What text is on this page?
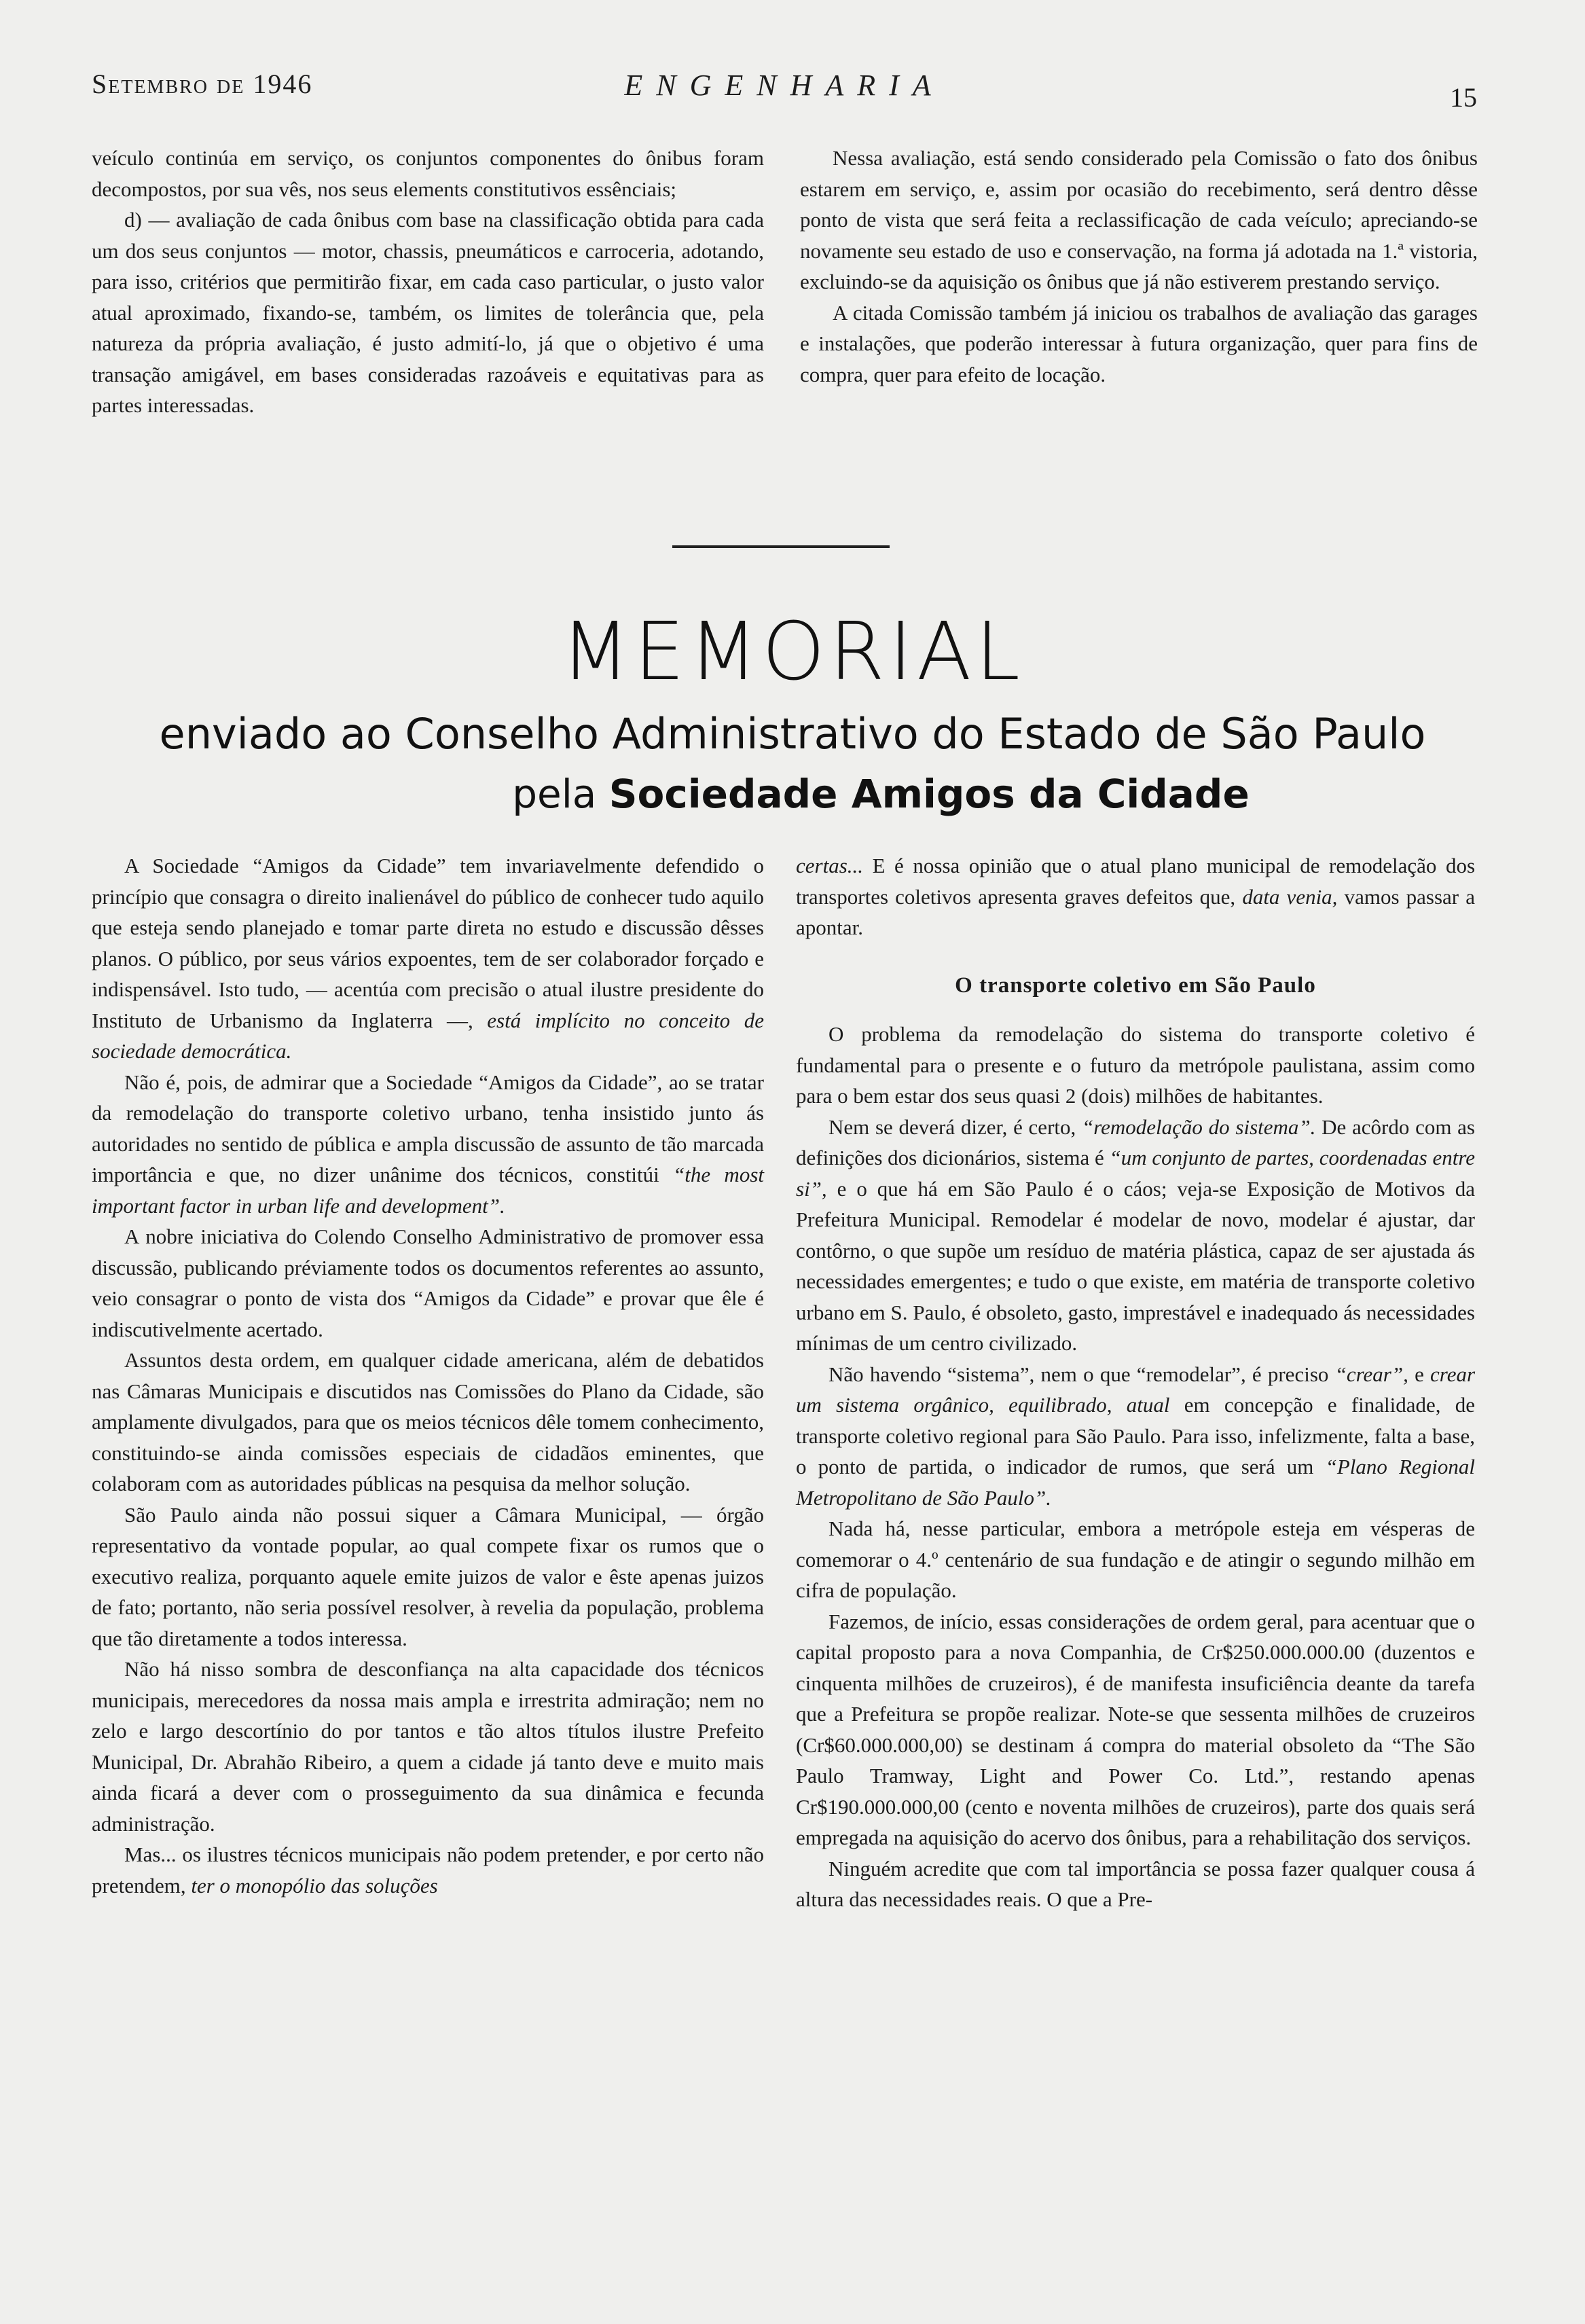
Setembro de 1946	ENGENHARIA	15

veículo continúa em serviço, os conjuntos componentes do ônibus foram decompostos, por sua vês, nos seus elements constitutivos essênciais;

d) — avaliação de cada ônibus com base na classificação obtida para cada um dos seus conjuntos — motor, chassis, pneumáticos e carroceria, adotando, para isso, critérios que permitirão fixar, em cada caso particular, o justo valor atual aproximado, fixando-se, também, os limites de tolerância que, pela natureza da própria avaliação, é justo admití-lo, já que o objetivo é uma transação amigável, em bases consideradas razoáveis e equitativas para as partes interessadas.

Nessa avaliação, está sendo considerado pela Comissão o fato dos ônibus estarem em serviço, e, assim por ocasião do recebimento, será dentro dêsse ponto de vista que será feita a reclassificação de cada veículo; apreciando-se novamente seu estado de uso e conservação, na forma já adotada na 1.ª vistoria, excluindo-se da aquisição os ônibus que já não estiverem prestando serviço.

A citada Comissão também já iniciou os trabalhos de avaliação das garages e instalações, que poderão interessar à futura organização, quer para fins de compra, quer para efeito de locação.

MEMORIAL
enviado ao Conselho Administrativo do Estado de São Paulo
pela Sociedade Amigos da Cidade

A Sociedade “Amigos da Cidade” tem invariavelmente defendido o princípio que consagra o direito inalienável do público de conhecer tudo aquilo que esteja sendo planejado e tomar parte direta no estudo e discussão dêsses planos. O público, por seus vários expoentes, tem de ser colaborador forçado e indispensável. Isto tudo, — acentúa com precisão o atual ilustre presidente do Instituto de Urbanismo da Inglaterra —, está implícito no conceito de sociedade democrática.

Não é, pois, de admirar que a Sociedade “Amigos da Cidade”, ao se tratar da remodelação do transporte coletivo urbano, tenha insistido junto ás autoridades no sentido de pública e ampla discussão de assunto de tão marcada importância e que, no dizer unânime dos técnicos, constitúi “the most important factor in urban life and development”.

A nobre iniciativa do Colendo Conselho Administrativo de promover essa discussão, publicando préviamente todos os documentos referentes ao assunto, veio consagrar o ponto de vista dos “Amigos da Cidade” e provar que êle é indiscutivelmente acertado.

Assuntos desta ordem, em qualquer cidade americana, além de debatidos nas Câmaras Municipais e discutidos nas Comissões do Plano da Cidade, são amplamente divulgados, para que os meios técnicos dêle tomem conhecimento, constituindo-se ainda comissões especiais de cidadãos eminentes, que colaboram com as autoridades públicas na pesquisa da melhor solução.

São Paulo ainda não possui siquer a Câmara Municipal, — órgão representativo da vontade popular, ao qual compete fixar os rumos que o executivo realiza, porquanto aquele emite juizos de valor e êste apenas juizos de fato; portanto, não seria possível resolver, à revelia da população, problema que tão diretamente a todos interessa.

Não há nisso sombra de desconfiança na alta capacidade dos técnicos municipais, merecedores da nossa mais ampla e irrestrita admiração; nem no zelo e largo descortínio do por tantos e tão altos títulos ilustre Prefeito Municipal, Dr. Abrahão Ribeiro, a quem a cidade já tanto deve e muito mais ainda ficará a dever com o prosseguimento da sua dinâmica e fecunda administração.

Mas... os ilustres técnicos municipais não podem pretender, e por certo não pretendem, ter o monopólio das soluções

certas... E é nossa opinião que o atual plano municipal de remodelação dos transportes coletivos apresenta graves defeitos que, data venia, vamos passar a apontar.

O transporte coletivo em São Paulo

O problema da remodelação do sistema do transporte coletivo é fundamental para o presente e o futuro da metrópole paulistana, assim como para o bem estar dos seus quasi 2 (dois) milhões de habitantes.

Nem se deverá dizer, é certo, “remodelação do sistema”. De acôrdo com as definições dos dicionários, sistema é “um conjunto de partes, coordenadas entre si”, e o que há em São Paulo é o cáos; veja-se Exposição de Motivos da Prefeitura Municipal. Remodelar é modelar de novo, modelar é ajustar, dar contôrno, o que supõe um resíduo de matéria plástica, capaz de ser ajustada ás necessidades emergentes; e tudo o que existe, em matéria de transporte coletivo urbano em S. Paulo, é obsoleto, gasto, imprestável e inadequado ás necessidades mínimas de um centro civilizado.

Não havendo “sistema”, nem o que “remodelar”, é preciso “crear”, e crear um sistema orgânico, equilibrado, atual em concepção e finalidade, de transporte coletivo regional para São Paulo. Para isso, infelizmente, falta a base, o ponto de partida, o indicador de rumos, que será um “Plano Regional Metropolitano de São Paulo”.

Nada há, nesse particular, embora a metrópole esteja em vésperas de comemorar o 4.º centenário de sua fundação e de atingir o segundo milhão em cifra de população.

Fazemos, de início, essas considerações de ordem geral, para acentuar que o capital proposto para a nova Companhia, de Cr$250.000.000.00 (duzentos e cinquenta milhões de cruzeiros), é de manifesta insuficiência deante da tarefa que a Prefeitura se propõe realizar. Note-se que sessenta milhões de cruzeiros (Cr$60.000.000,00) se destinam á compra do material obsoleto da “The São Paulo Tramway, Light and Power Co. Ltd.”, restando apenas Cr$190.000.000,00 (cento e noventa milhões de cruzeiros), parte dos quais será empregada na aquisição do acervo dos ônibus, para a rehabilitação dos serviços.

Ninguém acredite que com tal importância se possa fazer qualquer cousa á altura das necessidades reais. O que a Pre-
